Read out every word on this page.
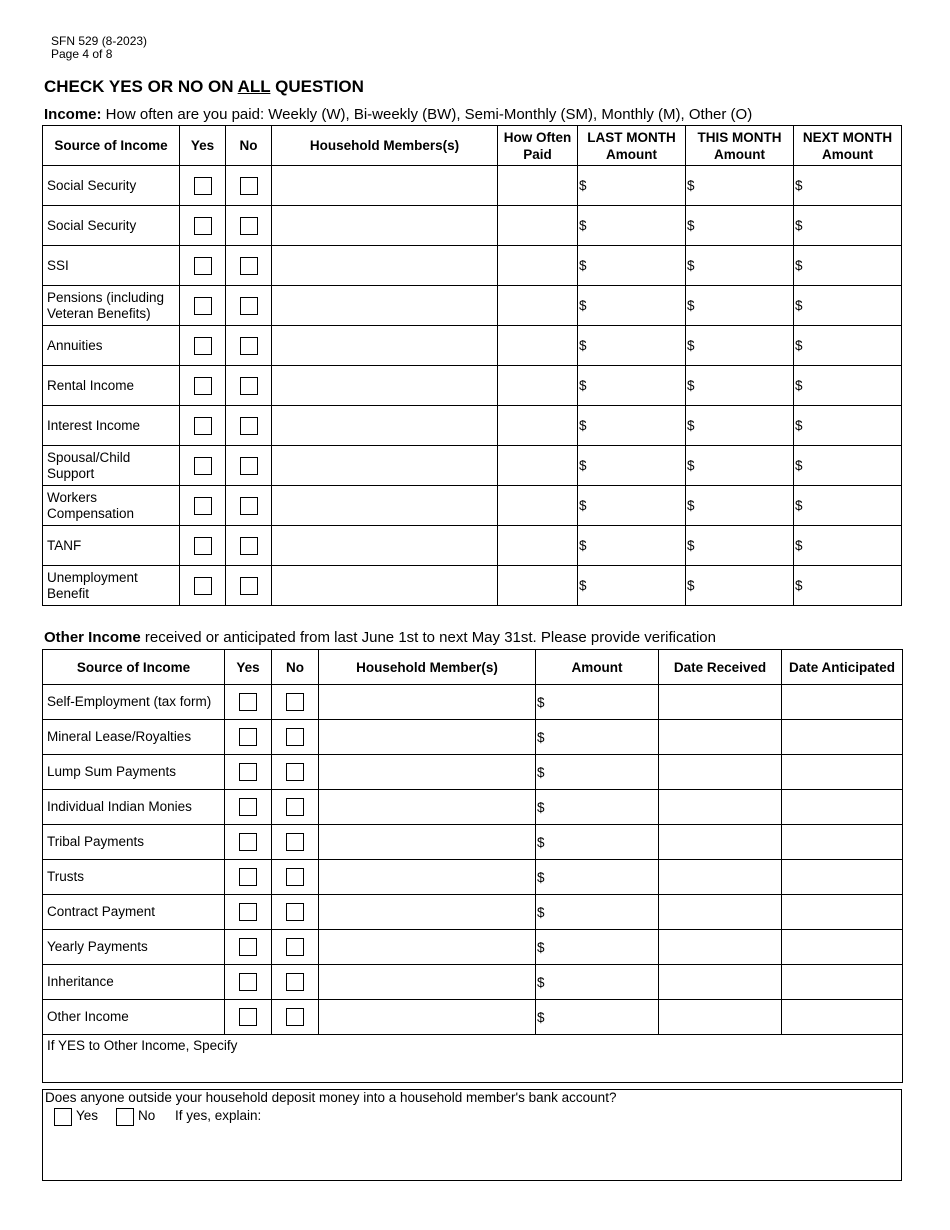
SFN 529 (8-2023)
Page 4 of 8
CHECK YES OR NO ON ALL QUESTION
Income: How often are you paid: Weekly (W), Bi-weekly (BW), Semi-Monthly (SM), Monthly (M), Other (O)
Source of Income	Yes	No	Household Members(s)	How Often Paid	LAST MONTH Amount	THIS MONTH Amount	NEXT MONTH Amount
Social Security					$	$	$
Social Security					$	$	$
SSI					$	$	$
Pensions (including Veteran Benefits)					$	$	$
Annuities					$	$	$
Rental Income					$	$	$
Interest Income					$	$	$
Spousal/Child Support					$	$	$
Workers Compensation					$	$	$
TANF					$	$	$
Unemployment Benefit					$	$	$
Other Income received or anticipated from last June 1st to next May 31st. Please provide verification
Source of Income	Yes	No	Household Member(s)	Amount	Date Received	Date Anticipated
Self-Employment (tax form)				$		
Mineral Lease/Royalties				$		
Lump Sum Payments				$		
Individual Indian Monies				$		
Tribal Payments				$		
Trusts				$		
Contract Payment				$		
Yearly Payments				$		
Inheritance				$		
Other Income				$		
If YES to Other Income, Specify						
Does anyone outside your household deposit money into a household member's bank account?
Yes	No If yes, explain:
